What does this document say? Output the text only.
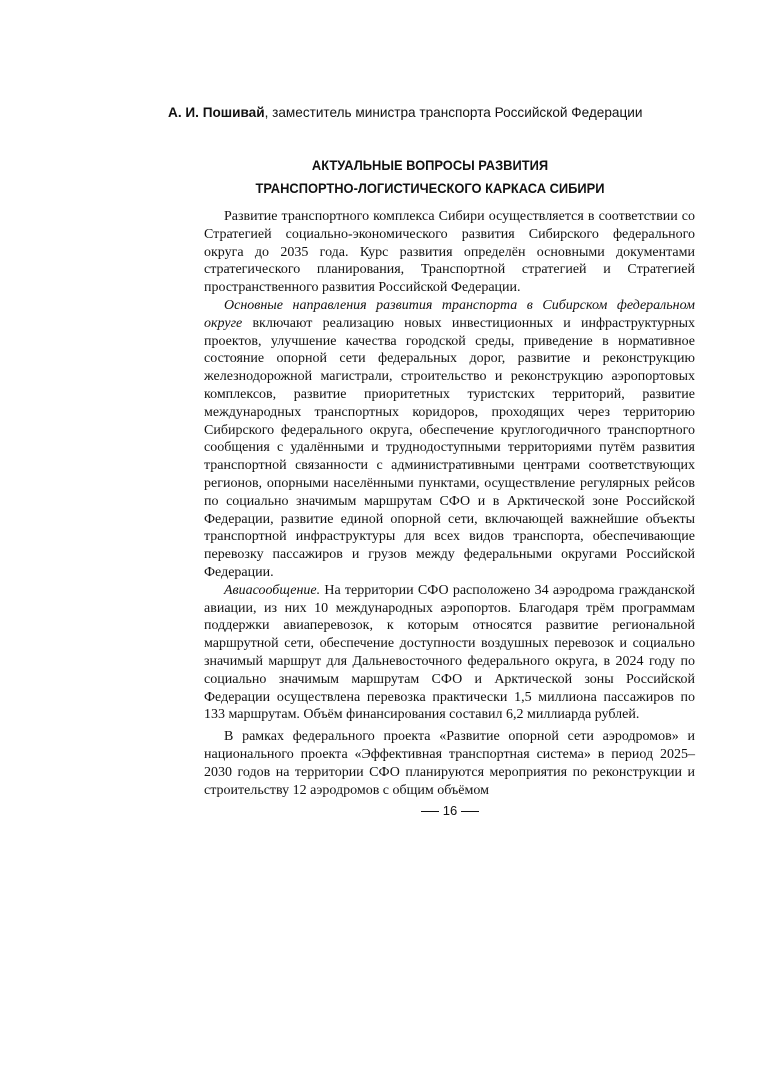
А. И. Пошивай, заместитель министра транспорта Российской Федерации
АКТУАЛЬНЫЕ ВОПРОСЫ РАЗВИТИЯ
ТРАНСПОРТНО-ЛОГИСТИЧЕСКОГО КАРКАСА СИБИРИ

Развитие транспортного комплекса Сибири осуществляется в соответствии со Стратегией социально-экономического развития Сибирского федерального округа до 2035 года. Курс развития определён основными документами стратегического планирования, Транспортной стратегией и Стратегией пространственного развития Российской Федерации.

Основные направления развития транспорта в Сибирском федеральном округе включают реализацию новых инвестиционных и инфраструктурных проектов, улучшение качества городской среды, приведение в нормативное состояние опорной сети федеральных дорог, развитие и реконструкцию железнодорожной магистрали, строительство и реконструкцию аэропортовых комплексов, развитие приоритетных туристских территорий, развитие международных транспортных коридоров, проходящих через территорию Сибирского федерального округа, обеспечение круглогодичного транспортного сообщения с удалёнными и труднодоступными территориями путём развития транспортной связанности с административными центрами соответствующих регионов, опорными населёнными пунктами, осуществление регулярных рейсов по социально значимым маршрутам СФО и в Арктической зоне Российской Федерации, развитие единой опорной сети, включающей важнейшие объекты транспортной инфраструктуры для всех видов транспорта, обеспечивающие перевозку пассажиров и грузов между федеральными округами Российской Федерации.

Авиасообщение. На территории СФО расположено 34 аэродрома гражданской авиации, из них 10 международных аэропортов. Благодаря трём программам поддержки авиаперевозок, к которым относятся развитие региональной маршрутной сети, обеспечение доступности воздушных перевозок и социально значимый маршрут для Дальневосточного федерального округа, в 2024 году по социально значимым маршрутам СФО и Арктической зоны Российской Федерации осуществлена перевозка практически 1,5 миллиона пассажиров по 133 маршрутам. Объём финансирования составил 6,2 миллиарда рублей.

В рамках федерального проекта «Развитие опорной сети аэродромов» и национального проекта «Эффективная транспортная система» в период 2025–2030 годов на территории СФО планируются мероприятия по реконструкции и строительству 12 аэродромов с общим объёмом

16
